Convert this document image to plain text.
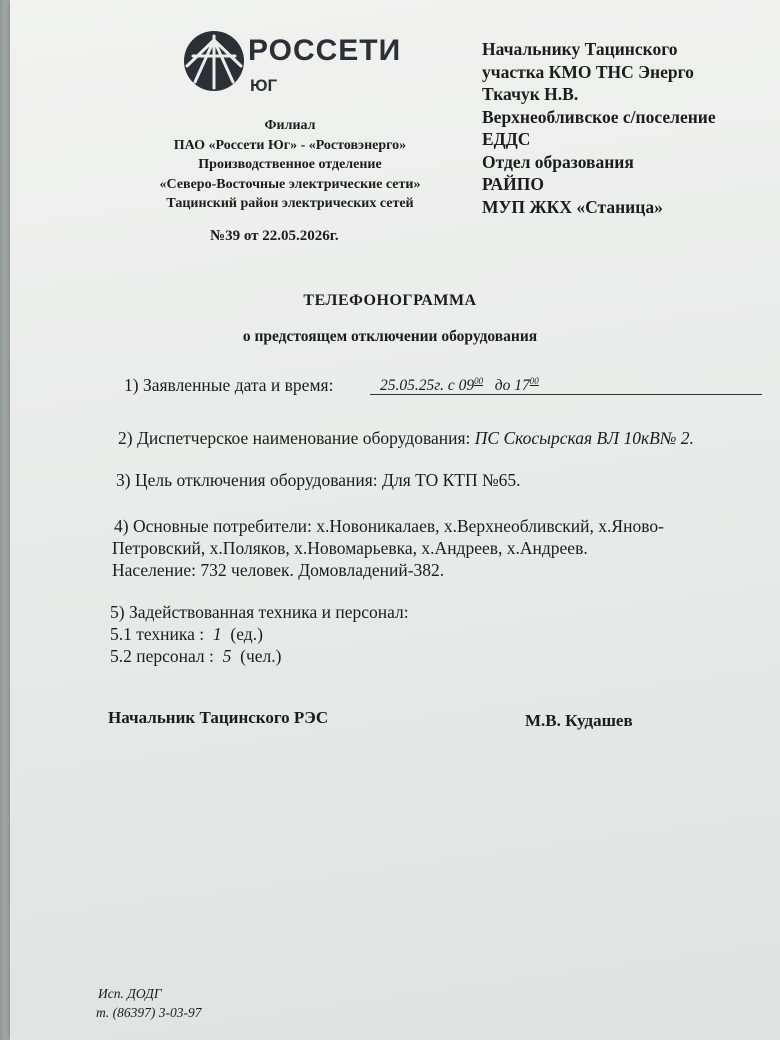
РОССЕТИ
ЮГ
Филиал
ПАО «Россети Юг» - «Ростовэнерго»
Производственное отделение
«Северо-Восточные электрические сети»
Тацинский район электрических сетей
№39 от 22.05.2026г.
Начальнику Тацинского
участка КМО ТНС Энерго
Ткачук Н.В.
Верхнеобливское с/поселение
ЕДДС
Отдел образования
РАЙПО
МУП ЖКХ «Станица»
ТЕЛЕФОНОГРАММА
о предстоящем отключении оборудования
1) Заявленные дата и время:	25.05.25г. с $09^{00}$ до $17^{00}$
2) Диспетчерское наименование оборудования: ПС Скосырская ВЛ 10кВ№ 2.
3) Цель отключения оборудования: Для ТО КТП №65.
4) Основные потребители: х.Новоникалаев, х.Верхнеобливский, х.Яново-
Петровский, х.Поляков, х.Новомарьевка, х.Андреев, х.Андреев.
Население: 732 человек. Домовладений-382.
5) Задействованная техника и персонал:
5.1 техника :  1 (ед.)
5.2 персонал :  5 (чел.)
Начальник Тацинского РЭС	М.В. Кудашев
Исп. ДОДГ
т. (86397) 3-03-97
